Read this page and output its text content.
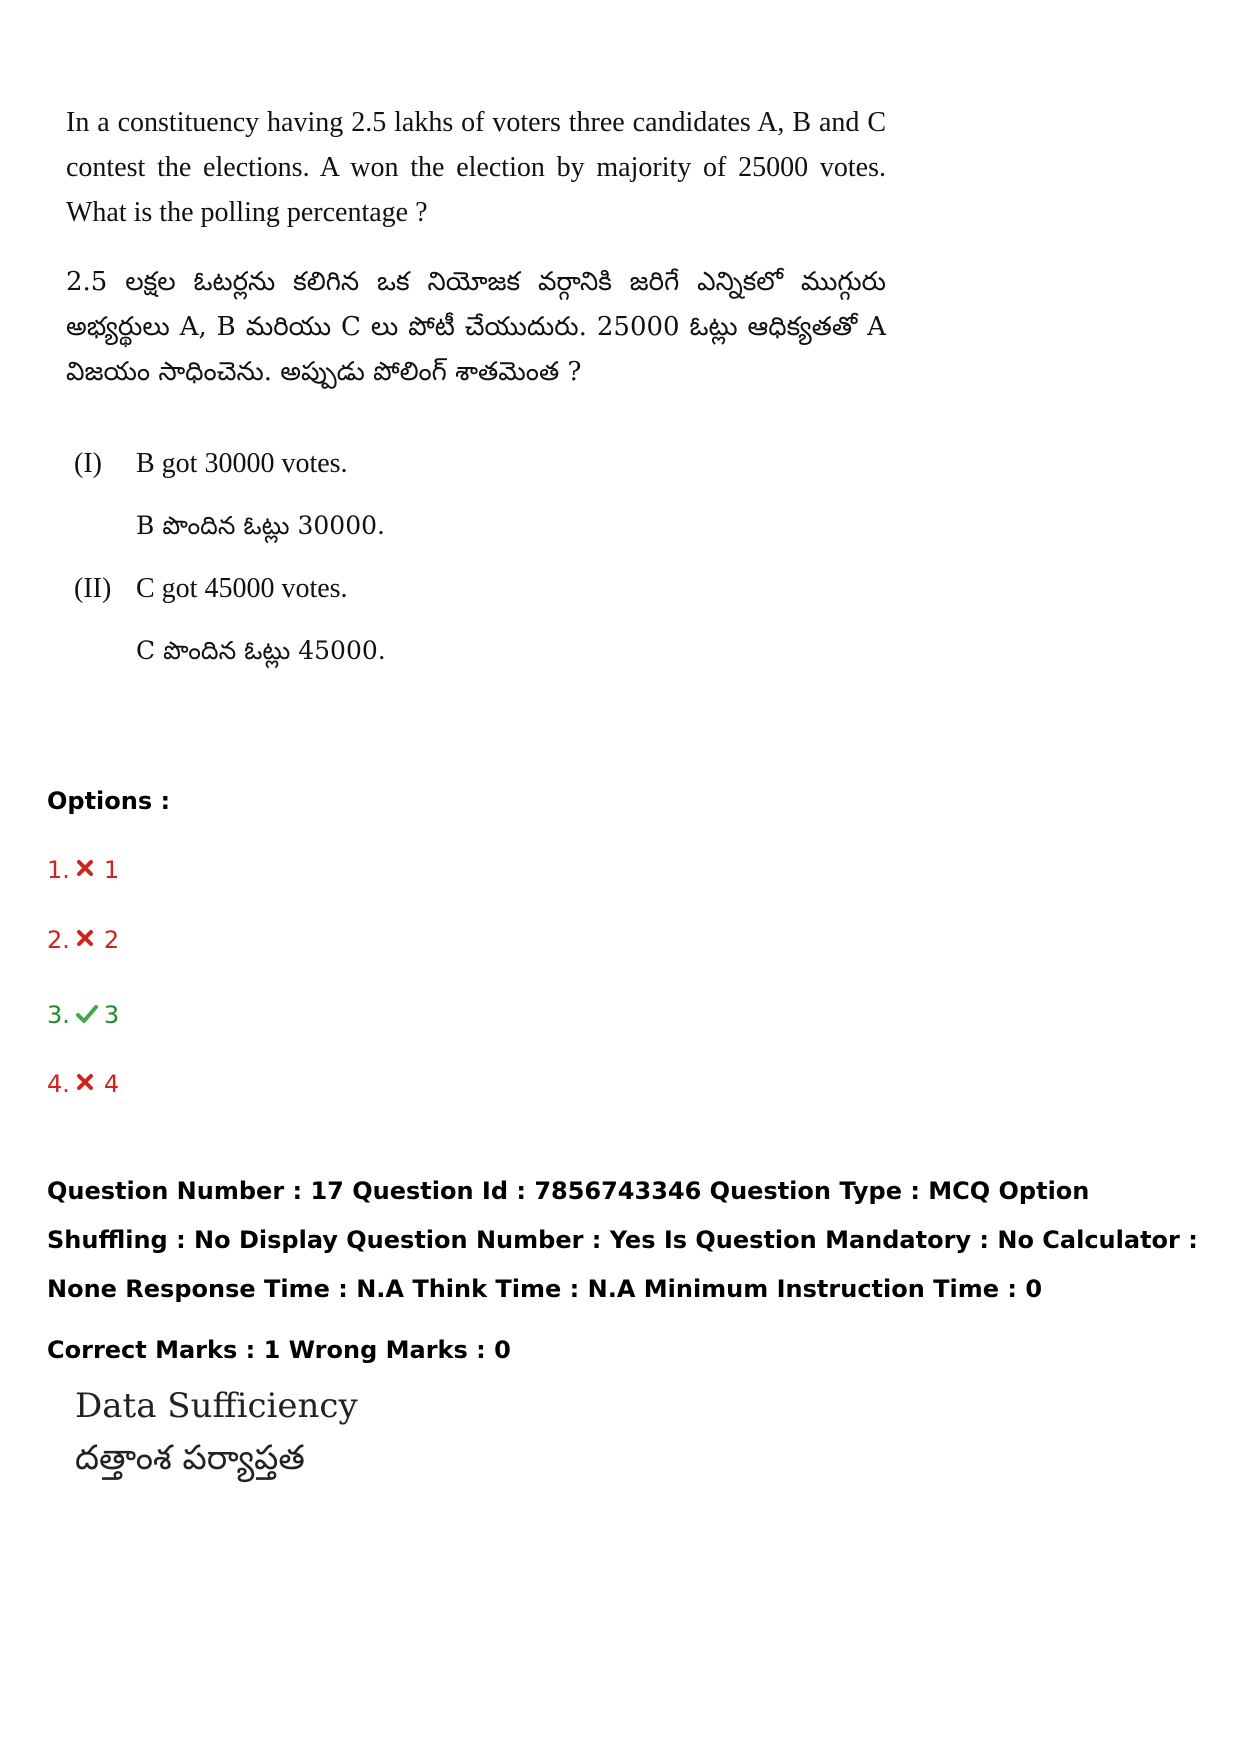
In a constituency having 2.5 lakhs of voters three candidates A, B and C contest the elections. A won the election by majority of 25000 votes. What is the polling percentage ?

2.5 లక్షల ఓటర్లను కలిగిన ఒక నియోజక వర్గానికి జరిగే ఎన్నికలో ముగ్గురు అభ్యర్థులు A, B మరియు C లు పోటీ చేయుదురు. 25000 ఓట్లు ఆధిక్యతతో A విజయం సాధించెను. అప్పుడు పోలింగ్ శాతమెంత ?

(I) B got 30000 votes.
B పొందిన ఓట్లు 30000.
(II) C got 45000 votes.
C పొందిన ఓట్లు 45000.
Options :
1. 1
2. 2
3. 3
4. 4

Question Number : 17 Question Id : 7856743346 Question Type : MCQ Option Shuffling : No Display Question Number : Yes Is Question Mandatory : No Calculator : None Response Time : N.A Think Time : N.A Minimum Instruction Time : 0

Correct Marks : 1 Wrong Marks : 0

Data Sufficiency
దత్తాంశ పర్యాప్తత
